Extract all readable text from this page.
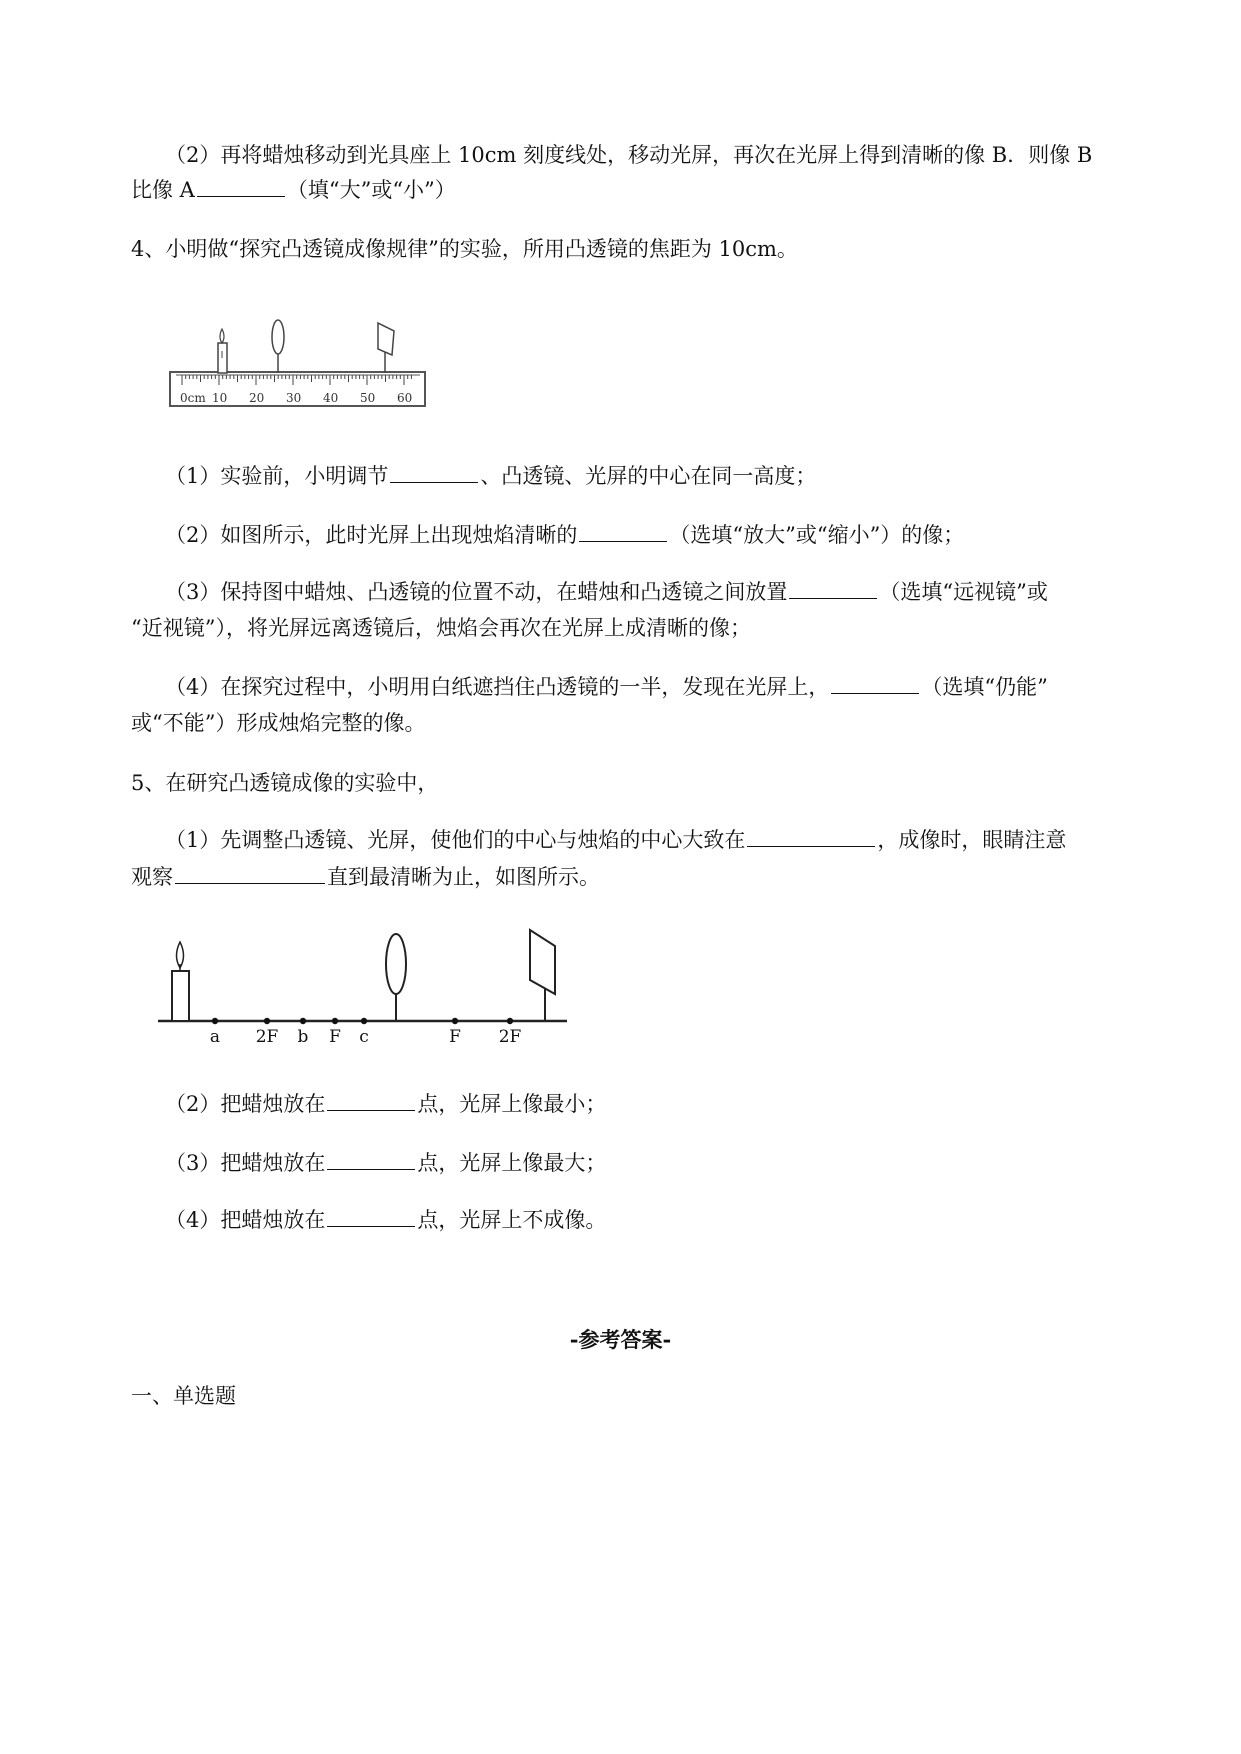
（2）再将蜡烛移动到光具座上 10cm 刻度线处，移动光屏，再次在光屏上得到清晰的像 B．则像 B
比像 A	（填“大”或“小”）
4、小明做“探究凸透镜成像规律”的实验，所用凸透镜的焦距为 10cm。
0cm 10 20 30 40 50 60
（1）实验前，小明调节	、凸透镜、光屏的中心在同一高度；
（2）如图所示，此时光屏上出现烛焰清晰的	（选填“放大”或“缩小”）的像；
（3）保持图中蜡烛、凸透镜的位置不动，在蜡烛和凸透镜之间放置	（选填“远视镜”或
“近视镜”），将光屏远离透镜后，烛焰会再次在光屏上成清晰的像；
（4）在探究过程中，小明用白纸遮挡住凸透镜的一半，发现在光屏上，	（选填“仍能”
或“不能”）形成烛焰完整的像。
5、在研究凸透镜成像的实验中，
（1）先调整凸透镜、光屏，使他们的中心与烛焰的中心大致在	，成像时，眼睛注意
观察	直到最清晰为止，如图所示。
a 2F b F c	F 2F
（2）把蜡烛放在	点，光屏上像最小；
（3）把蜡烛放在	点，光屏上像最大；
（4）把蜡烛放在	点，光屏上不成像。
-参考答案-
一、单选题
